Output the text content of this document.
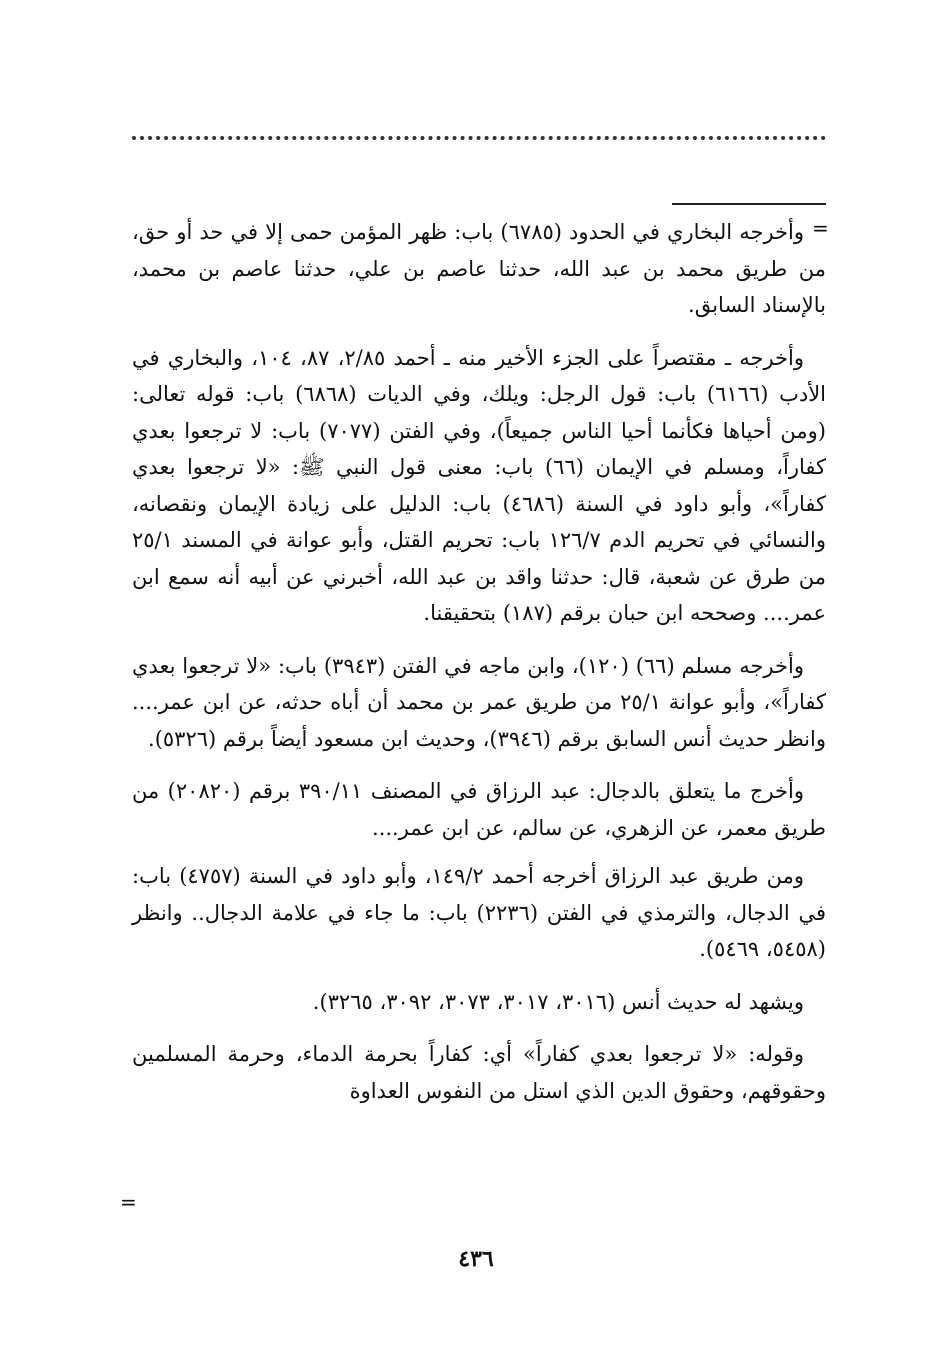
=

وأخرجه البخاري في الحدود (٦٧٨٥) باب: ظهر المؤمن حمى إلا في حد أو حق، من طريق محمد بن عبد الله، حدثنا عاصم بن علي، حدثنا عاصم بن محمد، بالإسناد السابق.

وأخرجه ـ مقتصراً على الجزء الأخير منه ـ أحمد ٢/٨٥، ٨٧، ١٠٤، والبخاري في الأدب (٦١٦٦) باب: قول الرجل: ويلك، وفي الديات (٦٨٦٨) باب: قوله تعالى: (ومن أحياها فكأنما أحيا الناس جميعاً)، وفي الفتن (٧٠٧٧) باب: لا ترجعوا بعدي كفاراً، ومسلم في الإيمان (٦٦) باب: معنى قول النبي ﷺ: «لا ترجعوا بعدي كفاراً»، وأبو داود في السنة (٤٦٨٦) باب: الدليل على زيادة الإيمان ونقصانه، والنسائي في تحريم الدم ١٢٦/٧ باب: تحريم القتل، وأبو عوانة في المسند ٢٥/١ من طرق عن شعبة، قال: حدثنا واقد بن عبد الله، أخبرني عن أبيه أنه سمع ابن عمر.... وصححه ابن حبان برقم (١٨٧) بتحقيقنا.

وأخرجه مسلم (٦٦) (١٢٠)، وابن ماجه في الفتن (٣٩٤٣) باب: «لا ترجعوا بعدي كفاراً»، وأبو عوانة ٢٥/١ من طريق عمر بن محمد أن أباه حدثه، عن ابن عمر.... وانظر حديث أنس السابق برقم (٣٩٤٦)، وحديث ابن مسعود أيضاً برقم (٥٣٢٦).

وأخرج ما يتعلق بالدجال: عبد الرزاق في المصنف ٣٩٠/١١ برقم (٢٠٨٢٠) من طريق معمر، عن الزهري، عن سالم، عن ابن عمر....

ومن طريق عبد الرزاق أخرجه أحمد ١٤٩/٢، وأبو داود في السنة (٤٧٥٧) باب: في الدجال، والترمذي في الفتن (٢٢٣٦) باب: ما جاء في علامة الدجال.. وانظر (٥٤٥٨، ٥٤٦٩).

ويشهد له حديث أنس (٣٠١٦، ٣٠١٧، ٣٠٧٣، ٣٠٩٢، ٣٢٦٥).

وقوله: «لا ترجعوا بعدي كفاراً» أي: كفاراً بحرمة الدماء، وحرمة المسلمين وحقوقهم، وحقوق الدين الذي استل من النفوس العداوة

=
٤٣٦
